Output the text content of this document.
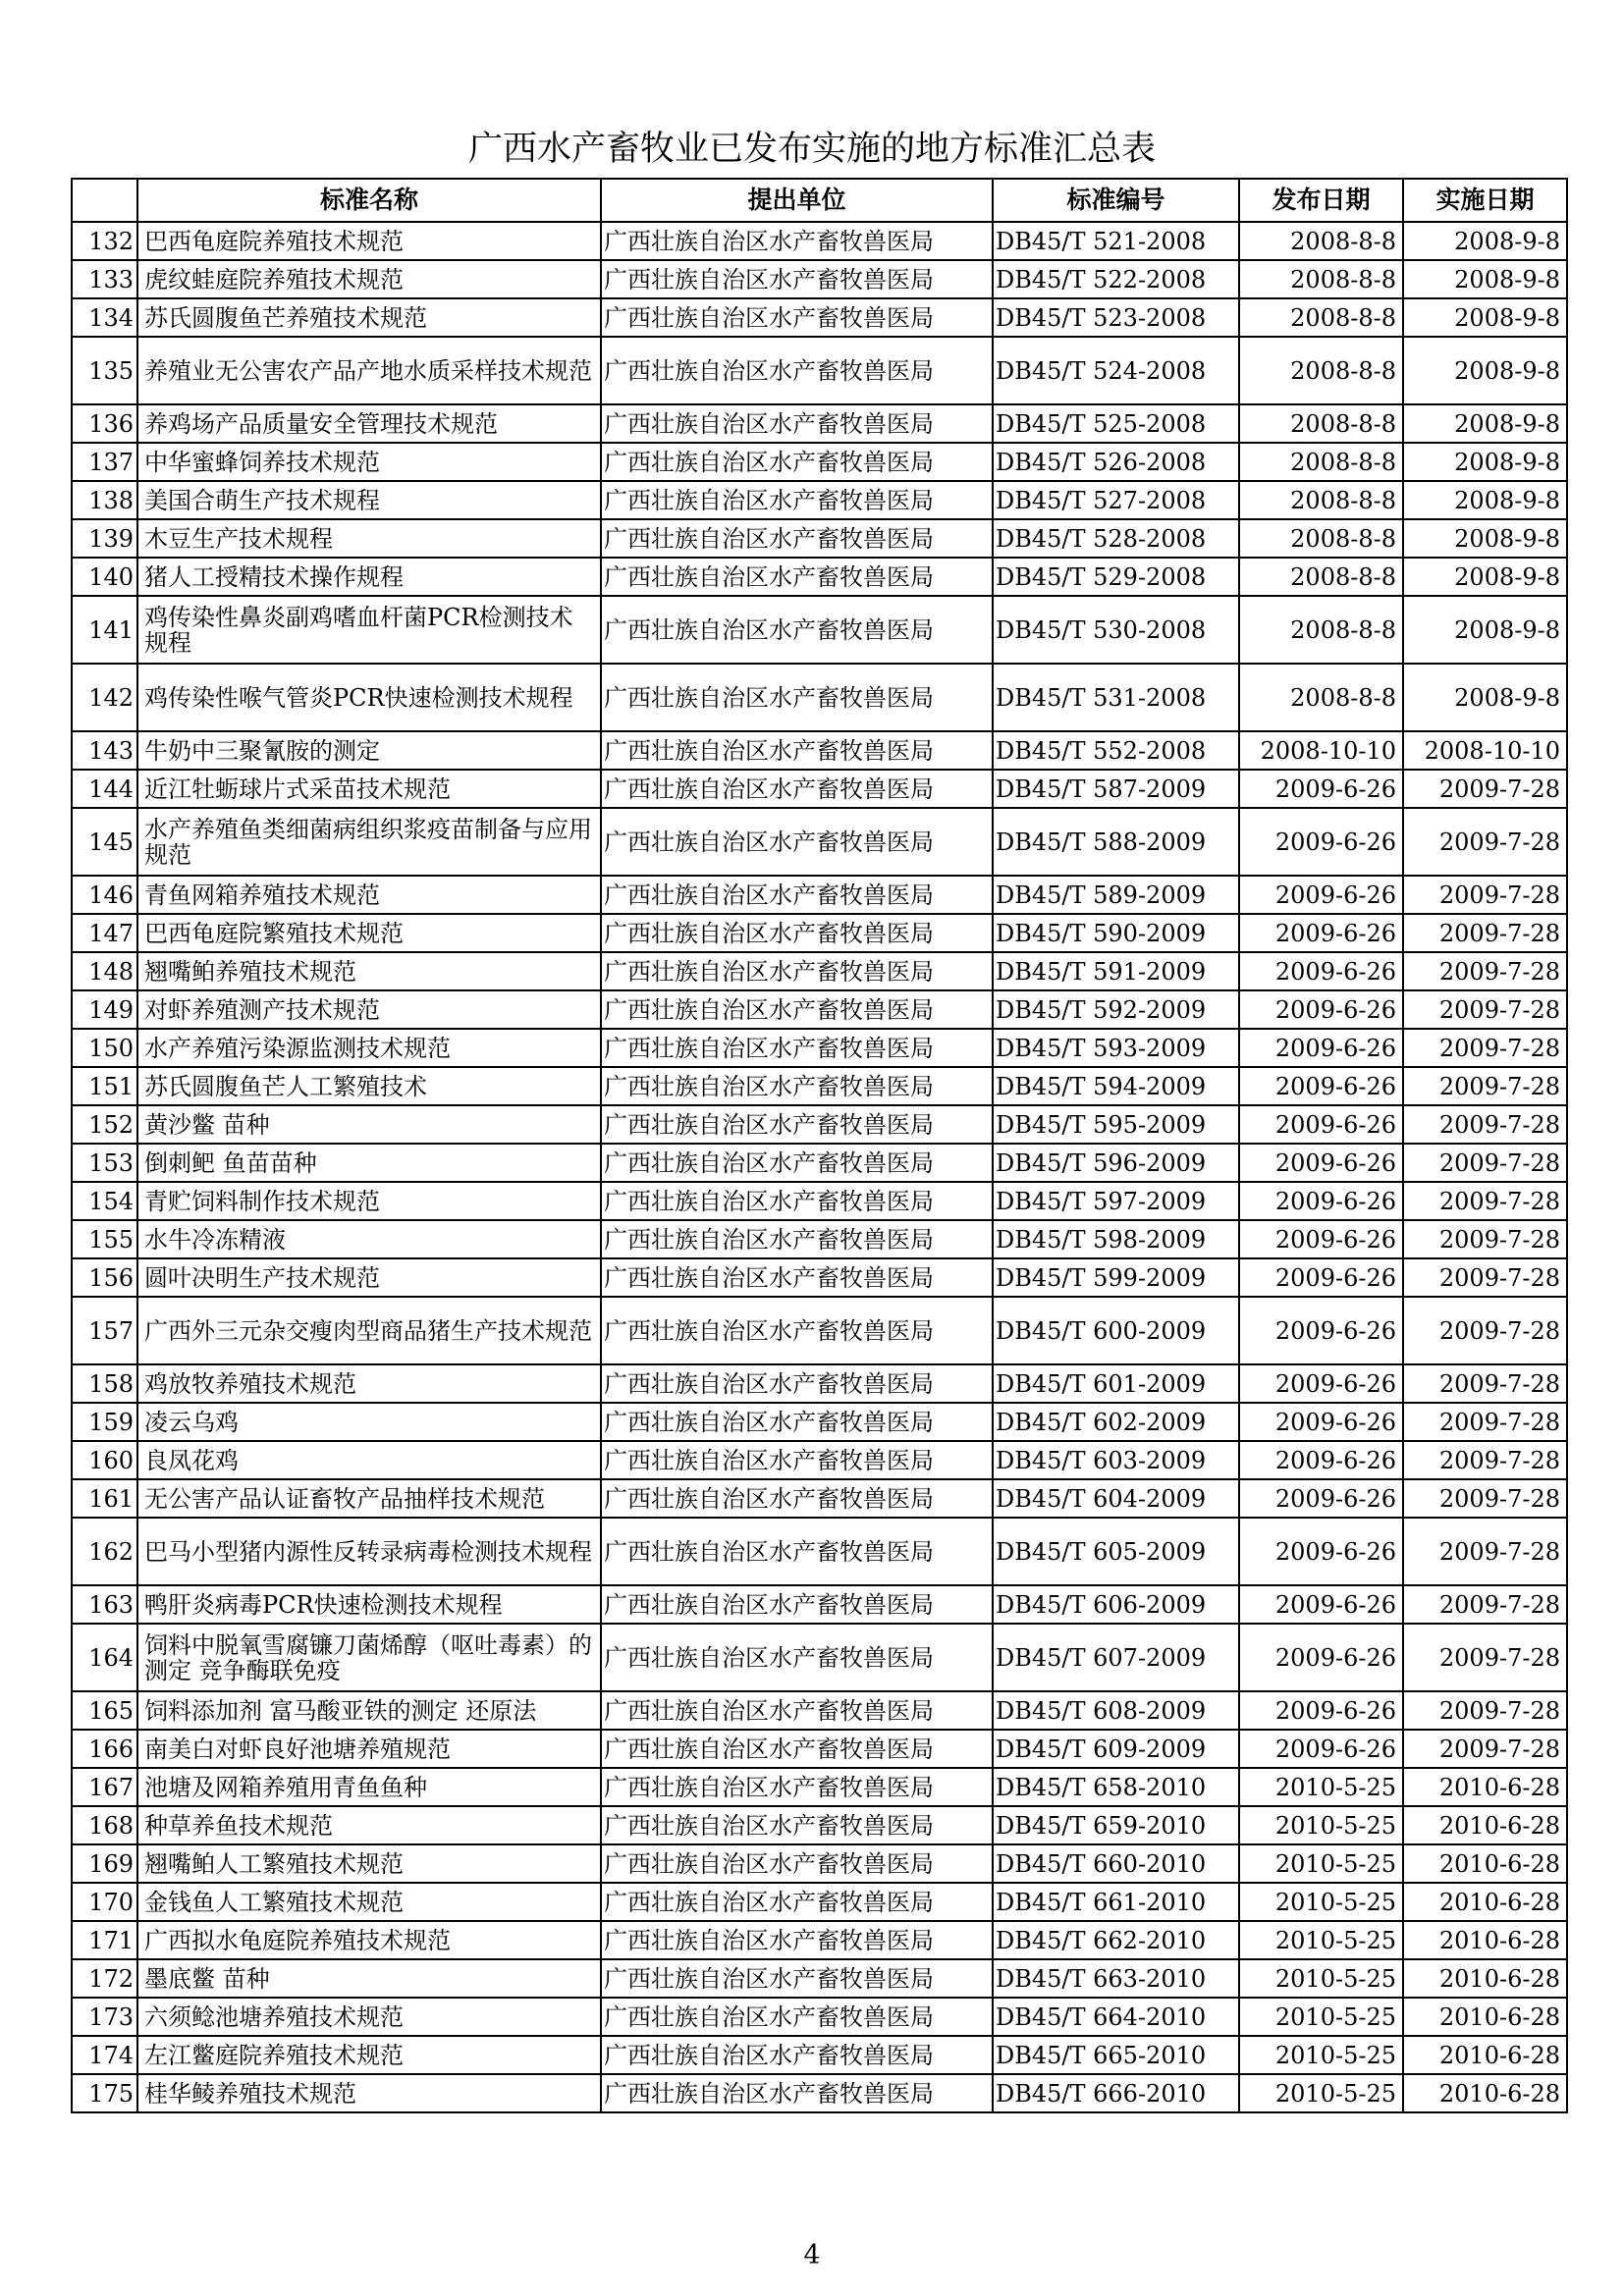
广西水产畜牧业已发布实施的地方标准汇总表
	标准名称	提出单位	标准编号	发布日期	实施日期
132	巴西龟庭院养殖技术规范	广西壮族自治区水产畜牧兽医局	DB45/T 521-2008	2008-8-8	2008-9-8
133	虎纹蛙庭院养殖技术规范	广西壮族自治区水产畜牧兽医局	DB45/T 522-2008	2008-8-8	2008-9-8
134	苏氏圆腹鱼芒养殖技术规范	广西壮族自治区水产畜牧兽医局	DB45/T 523-2008	2008-8-8	2008-9-8
135	养殖业无公害农产品产地水质采样技术规范	广西壮族自治区水产畜牧兽医局	DB45/T 524-2008	2008-8-8	2008-9-8
136	养鸡场产品质量安全管理技术规范	广西壮族自治区水产畜牧兽医局	DB45/T 525-2008	2008-8-8	2008-9-8
137	中华蜜蜂饲养技术规范	广西壮族自治区水产畜牧兽医局	DB45/T 526-2008	2008-8-8	2008-9-8
138	美国合萌生产技术规程	广西壮族自治区水产畜牧兽医局	DB45/T 527-2008	2008-8-8	2008-9-8
139	木豆生产技术规程	广西壮族自治区水产畜牧兽医局	DB45/T 528-2008	2008-8-8	2008-9-8
140	猪人工授精技术操作规程	广西壮族自治区水产畜牧兽医局	DB45/T 529-2008	2008-8-8	2008-9-8
141	鸡传染性鼻炎副鸡嗜血杆菌PCR检测技术规程	广西壮族自治区水产畜牧兽医局	DB45/T 530-2008	2008-8-8	2008-9-8
142	鸡传染性喉气管炎PCR快速检测技术规程	广西壮族自治区水产畜牧兽医局	DB45/T 531-2008	2008-8-8	2008-9-8
143	牛奶中三聚氰胺的测定	广西壮族自治区水产畜牧兽医局	DB45/T 552-2008	2008-10-10	2008-10-10
144	近江牡蛎球片式采苗技术规范	广西壮族自治区水产畜牧兽医局	DB45/T 587-2009	2009-6-26	2009-7-28
145	水产养殖鱼类细菌病组织浆疫苗制备与应用规范	广西壮族自治区水产畜牧兽医局	DB45/T 588-2009	2009-6-26	2009-7-28
146	青鱼网箱养殖技术规范	广西壮族自治区水产畜牧兽医局	DB45/T 589-2009	2009-6-26	2009-7-28
147	巴西龟庭院繁殖技术规范	广西壮族自治区水产畜牧兽医局	DB45/T 590-2009	2009-6-26	2009-7-28
148	翘嘴鲌养殖技术规范	广西壮族自治区水产畜牧兽医局	DB45/T 591-2009	2009-6-26	2009-7-28
149	对虾养殖测产技术规范	广西壮族自治区水产畜牧兽医局	DB45/T 592-2009	2009-6-26	2009-7-28
150	水产养殖污染源监测技术规范	广西壮族自治区水产畜牧兽医局	DB45/T 593-2009	2009-6-26	2009-7-28
151	苏氏圆腹鱼芒人工繁殖技术	广西壮族自治区水产畜牧兽医局	DB45/T 594-2009	2009-6-26	2009-7-28
152	黄沙鳖 苗种	广西壮族自治区水产畜牧兽医局	DB45/T 595-2009	2009-6-26	2009-7-28
153	倒刺鲃 鱼苗苗种	广西壮族自治区水产畜牧兽医局	DB45/T 596-2009	2009-6-26	2009-7-28
154	青贮饲料制作技术规范	广西壮族自治区水产畜牧兽医局	DB45/T 597-2009	2009-6-26	2009-7-28
155	水牛冷冻精液	广西壮族自治区水产畜牧兽医局	DB45/T 598-2009	2009-6-26	2009-7-28
156	圆叶决明生产技术规范	广西壮族自治区水产畜牧兽医局	DB45/T 599-2009	2009-6-26	2009-7-28
157	广西外三元杂交瘦肉型商品猪生产技术规范	广西壮族自治区水产畜牧兽医局	DB45/T 600-2009	2009-6-26	2009-7-28
158	鸡放牧养殖技术规范	广西壮族自治区水产畜牧兽医局	DB45/T 601-2009	2009-6-26	2009-7-28
159	凌云乌鸡	广西壮族自治区水产畜牧兽医局	DB45/T 602-2009	2009-6-26	2009-7-28
160	良凤花鸡	广西壮族自治区水产畜牧兽医局	DB45/T 603-2009	2009-6-26	2009-7-28
161	无公害产品认证畜牧产品抽样技术规范	广西壮族自治区水产畜牧兽医局	DB45/T 604-2009	2009-6-26	2009-7-28
162	巴马小型猪内源性反转录病毒检测技术规程	广西壮族自治区水产畜牧兽医局	DB45/T 605-2009	2009-6-26	2009-7-28
163	鸭肝炎病毒PCR快速检测技术规程	广西壮族自治区水产畜牧兽医局	DB45/T 606-2009	2009-6-26	2009-7-28
164	饲料中脱氧雪腐镰刀菌烯醇（呕吐毒素）的测定 竞争酶联免疫	广西壮族自治区水产畜牧兽医局	DB45/T 607-2009	2009-6-26	2009-7-28
165	饲料添加剂 富马酸亚铁的测定 还原法	广西壮族自治区水产畜牧兽医局	DB45/T 608-2009	2009-6-26	2009-7-28
166	南美白对虾良好池塘养殖规范	广西壮族自治区水产畜牧兽医局	DB45/T 609-2009	2009-6-26	2009-7-28
167	池塘及网箱养殖用青鱼鱼种	广西壮族自治区水产畜牧兽医局	DB45/T 658-2010	2010-5-25	2010-6-28
168	种草养鱼技术规范	广西壮族自治区水产畜牧兽医局	DB45/T 659-2010	2010-5-25	2010-6-28
169	翘嘴鲌人工繁殖技术规范	广西壮族自治区水产畜牧兽医局	DB45/T 660-2010	2010-5-25	2010-6-28
170	金钱鱼人工繁殖技术规范	广西壮族自治区水产畜牧兽医局	DB45/T 661-2010	2010-5-25	2010-6-28
171	广西拟水龟庭院养殖技术规范	广西壮族自治区水产畜牧兽医局	DB45/T 662-2010	2010-5-25	2010-6-28
172	墨底鳖 苗种	广西壮族自治区水产畜牧兽医局	DB45/T 663-2010	2010-5-25	2010-6-28
173	六须鲶池塘养殖技术规范	广西壮族自治区水产畜牧兽医局	DB45/T 664-2010	2010-5-25	2010-6-28
174	左江鳖庭院养殖技术规范	广西壮族自治区水产畜牧兽医局	DB45/T 665-2010	2010-5-25	2010-6-28
175	桂华鲮养殖技术规范	广西壮族自治区水产畜牧兽医局	DB45/T 666-2010	2010-5-25	2010-6-28
4
